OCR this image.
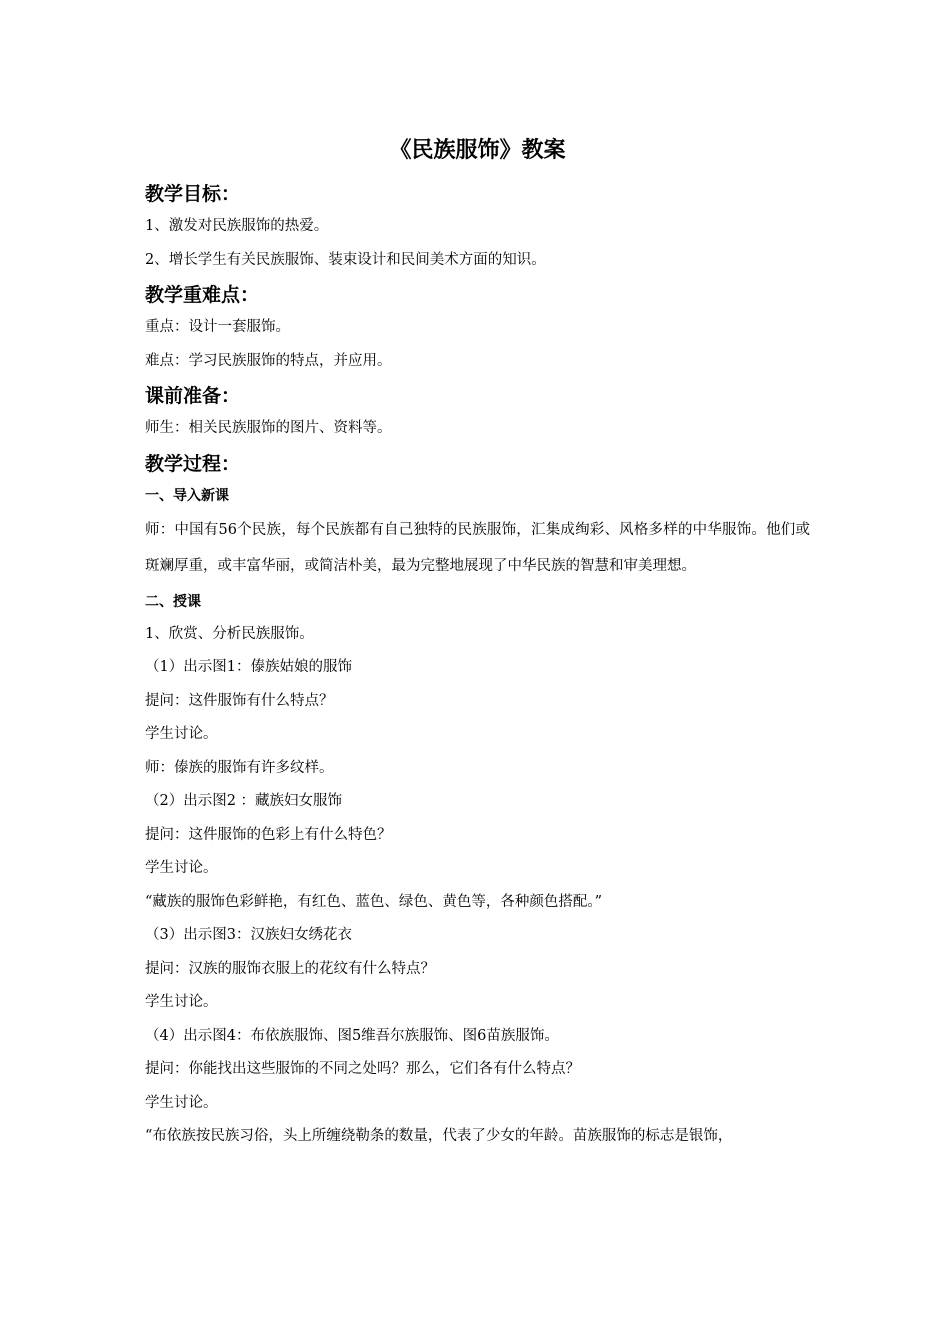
《民族服饰》教案
教学目标：
1、激发对民族服饰的热爱。
2、增长学生有关民族服饰、装束设计和民间美术方面的知识。
教学重难点：
重点：设计一套服饰。
难点：学习民族服饰的特点，并应用。
课前准备：
师生：相关民族服饰的图片、资料等。
教学过程：
一、导入新课
师：中国有56个民族，每个民族都有自己独特的民族服饰，汇集成绚彩、风格多样的中华服饰。他们或斑斓厚重，或丰富华丽，或简洁朴美，最为完整地展现了中华民族的智慧和审美理想。
二、授课
1、欣赏、分析民族服饰。
（1）出示图1：傣族姑娘的服饰
提问：这件服饰有什么特点？
学生讨论。
师：傣族的服饰有许多纹样。
（2）出示图2 ：藏族妇女服饰
提问：这件服饰的色彩上有什么特色？
学生讨论。
“藏族的服饰色彩鲜艳，有红色、蓝色、绿色、黄色等，各种颜色搭配。”
（3）出示图3：汉族妇女绣花衣
提问：汉族的服饰衣服上的花纹有什么特点？
学生讨论。
（4）出示图4：布依族服饰、图5维吾尔族服饰、图6苗族服饰。
提问：你能找出这些服饰的不同之处吗？那么，它们各有什么特点？
学生讨论。
“布依族按民族习俗，头上所缠绕勒条的数量，代表了少女的年龄。苗族服饰的标志是银饰，
